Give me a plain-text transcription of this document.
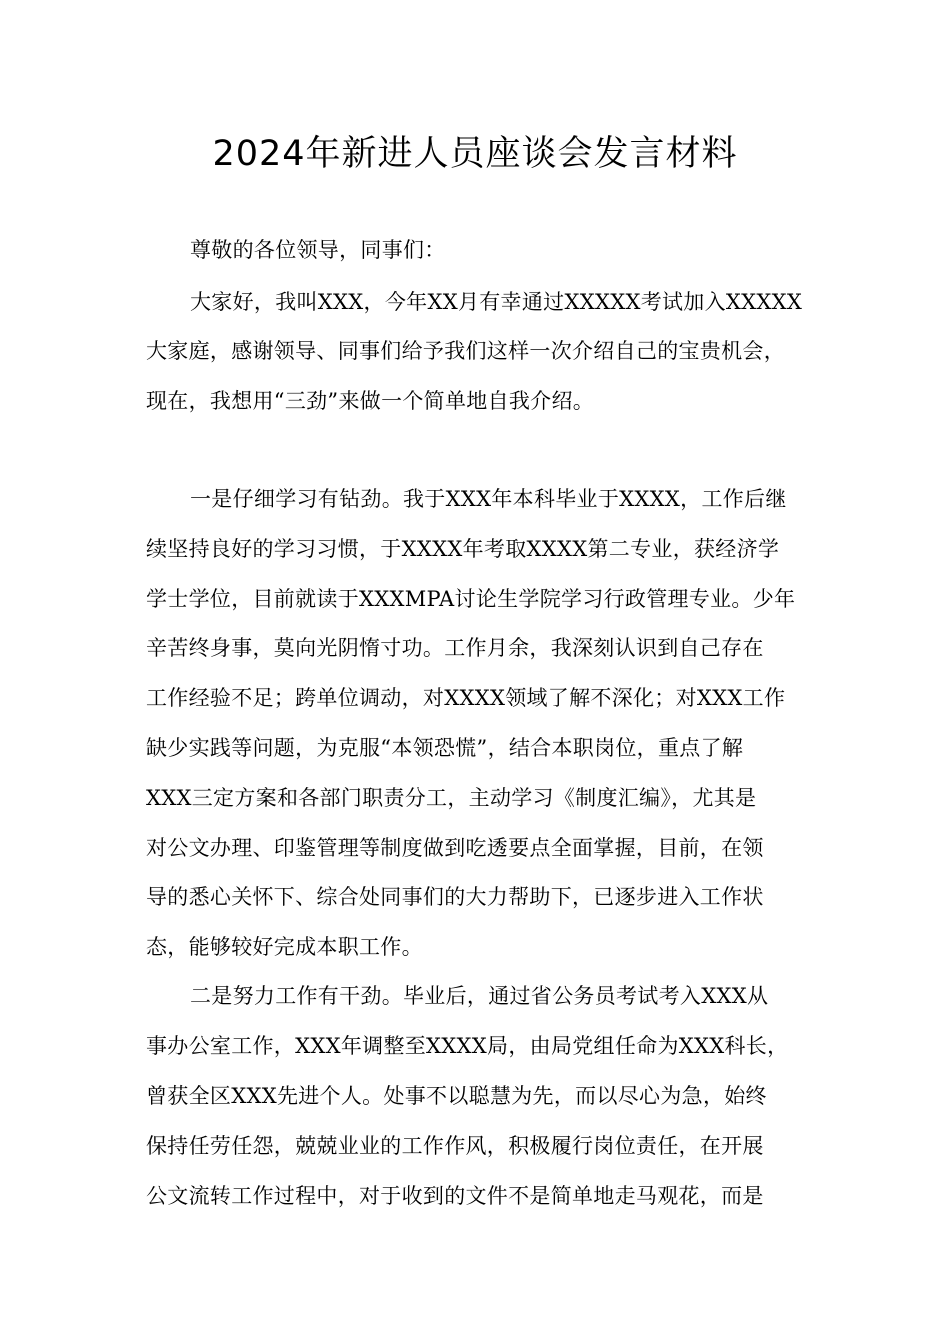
2024年新进人员座谈会发言材料
尊敬的各位领导，同事们：
大家好，我叫XXX，今年XX月有幸通过XXXXX考试加入XXXXX
大家庭，感谢领导、同事们给予我们这样一次介绍自己的宝贵机会，
现在，我想用“三劲”来做一个简单地自我介绍。
一是仔细学习有钻劲。我于XXX年本科毕业于XXXX，工作后继
续坚持良好的学习习惯，于XXXX年考取XXXX第二专业，获经济学
学士学位，目前就读于XXXMPA讨论生学院学习行政管理专业。少年
辛苦终身事，莫向光阴惰寸功。工作月余，我深刻认识到自己存在
工作经验不足；跨单位调动，对XXXX领域了解不深化；对XXX工作
缺少实践等问题，为克服“本领恐慌”，结合本职岗位，重点了解
XXX三定方案和各部门职责分工，主动学习《制度汇编》，尤其是
对公文办理、印鉴管理等制度做到吃透要点全面掌握，目前，在领
导的悉心关怀下、综合处同事们的大力帮助下，已逐步进入工作状
态，能够较好完成本职工作。
二是努力工作有干劲。毕业后，通过省公务员考试考入XXX从
事办公室工作，XXX年调整至XXXX局，由局党组任命为XXX科长，
曾获全区XXX先进个人。处事不以聪慧为先，而以尽心为急，始终
保持任劳任怨，兢兢业业的工作作风，积极履行岗位责任，在开展
公文流转工作过程中，对于收到的文件不是简单地走马观花，而是
